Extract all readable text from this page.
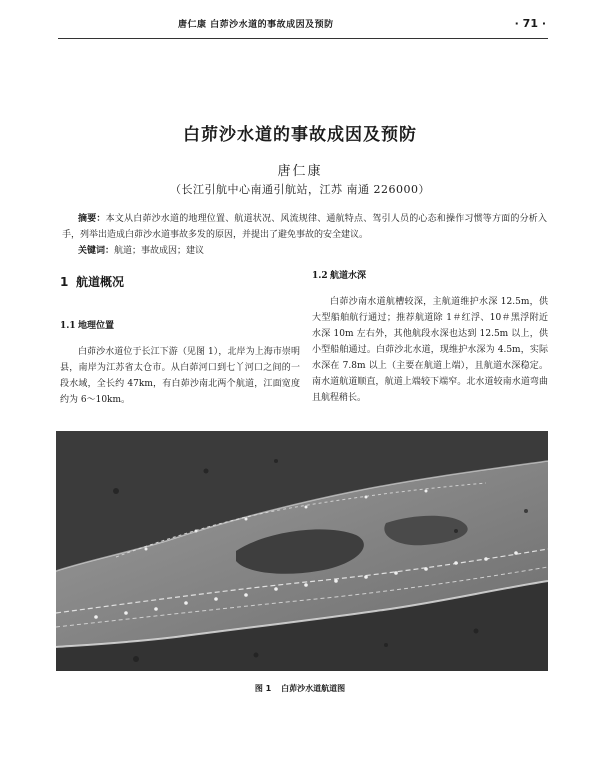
唐仁康 白茆沙水道的事故成因及预防	· 71 ·
白茆沙水道的事故成因及预防
唐仁康
（长江引航中心南通引航站，江苏 南通 226000）

摘要：本文从白茆沙水道的地理位置、航道状况、风流规律、通航特点、驾引人员的心态和操作习惯等方面的分析入手，列举出造成白茆沙水道事故多发的原因，并提出了避免事故的安全建议。

关键词：航道；事故成因；建议

1 航道概况
1.1 地理位置

白茆沙水道位于长江下游（见图 1），北岸为上海市崇明县，南岸为江苏省太仓市。从白茆河口到七丫河口之间的一段水域，全长约 47km，有白茆沙南北两个航道，江面宽度约为 6～10km。

1.2 航道水深

白茆沙南水道航槽较深，主航道维护水深 12.5m，供大型船舶航行通过；推荐航道除 1＃红浮、10＃黑浮附近水深 10m 左右外，其他航段水深也达到 12.5m 以上，供小型船舶通过。白茆沙北水道，现维护水深为 4.5m，实际水深在 7.8m 以上（主要在航道上端），且航道水深稳定。南水道航道顺直，航道上端较下端窄。北水道较南水道弯曲且航程稍长。

图 1 白茆沙水道航道图
